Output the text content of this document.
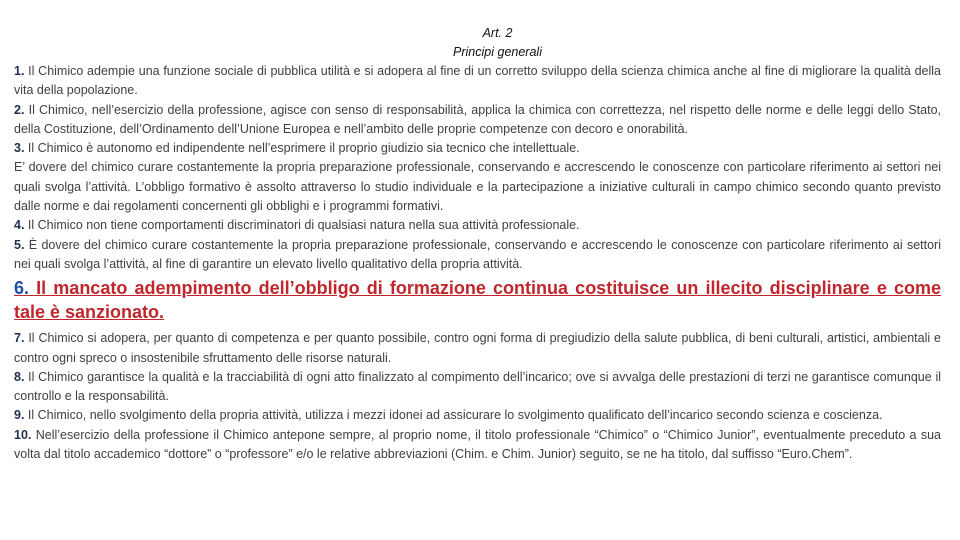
Art. 2
Principi generali

1. Il Chimico adempie una funzione sociale di pubblica utilità e si adopera al fine di un corretto sviluppo della scienza chimica anche al fine di migliorare la qualità della vita della popolazione.

2. Il Chimico, nell’esercizio della professione, agisce con senso di responsabilità, applica la chimica con correttezza, nel rispetto delle norme e delle leggi dello Stato, della Costituzione, dell’Ordinamento dell’Unione Europea e nell’ambito delle proprie competenze con decoro e onorabilità.

3. Il Chimico è autonomo ed indipendente nell’esprimere il proprio giudizio sia tecnico che intellettuale.

E’ dovere del chimico curare costantemente la propria preparazione professionale, conservando e accrescendo le conoscenze con particolare riferimento ai settori nei quali svolga l’attività. L’obbligo formativo è assolto attraverso lo studio individuale e la partecipazione a iniziative culturali in campo chimico secondo quanto previsto dalle norme e dai regolamenti concernenti gli obblighi e i programmi formativi.

4. Il Chimico non tiene comportamenti discriminatori di qualsiasi natura nella sua attività professionale.

5. È dovere del chimico curare costantemente la propria preparazione professionale, conservando e accrescendo le conoscenze con particolare riferimento ai settori nei quali svolga l’attività, al fine di garantire un elevato livello qualitativo della propria attività.

6. Il mancato adempimento dell’obbligo di formazione continua costituisce un illecito disciplinare e come tale è sanzionato.

7. Il Chimico si adopera, per quanto di competenza e per quanto possibile, contro ogni forma di pregiudizio della salute pubblica, di beni culturali, artistici, ambientali e contro ogni spreco o insostenibile sfruttamento delle risorse naturali.

8. Il Chimico garantisce la qualità e la tracciabilità di ogni atto finalizzato al compimento dell’incarico; ove si avvalga delle prestazioni di terzi ne garantisce comunque il controllo e la responsabilità.

9. Il Chimico, nello svolgimento della propria attività, utilizza i mezzi idonei ad assicurare lo svolgimento qualificato dell’incarico secondo scienza e coscienza.

10. Nell’esercizio della professione il Chimico antepone sempre, al proprio nome, il titolo professionale “Chimico” o “Chimico Junior”, eventualmente preceduto a sua volta dal titolo accademico “dottore” o “professore” e/o le relative abbreviazioni (Chim. e Chim. Junior) seguito, se ne ha titolo, dal suffisso “Euro.Chem”.
